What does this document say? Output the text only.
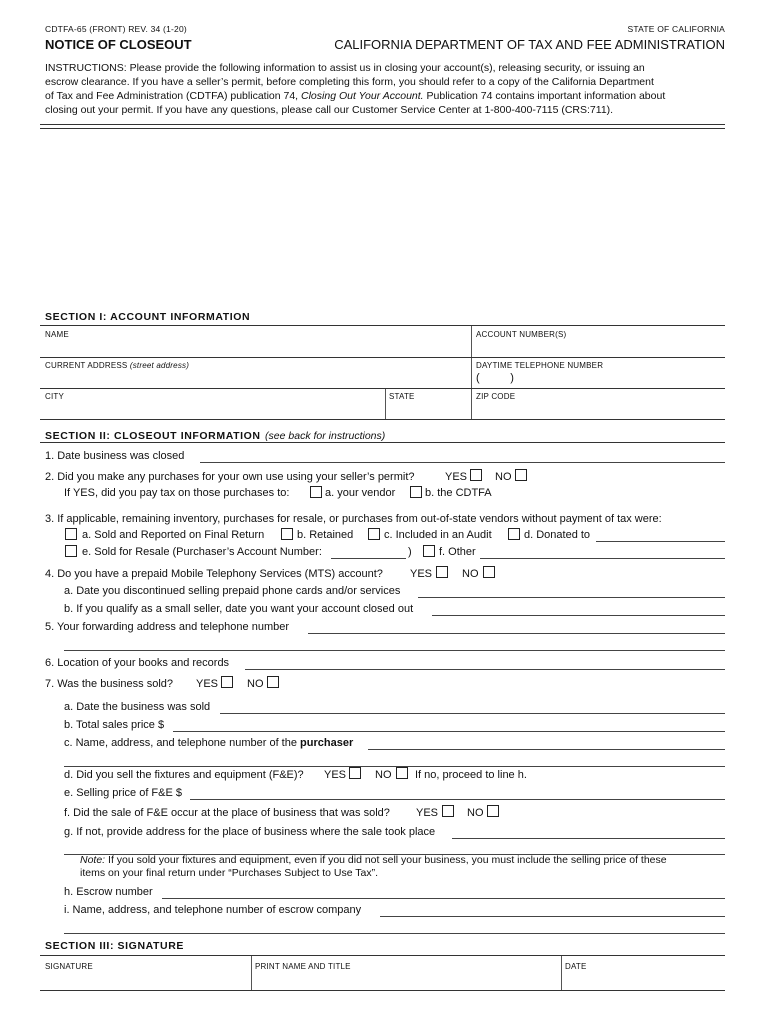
CDTFA-65 (FRONT) REV. 34 (1-20)	STATE OF CALIFORNIA
NOTICE OF CLOSEOUT	CALIFORNIA DEPARTMENT OF TAX AND FEE ADMINISTRATION
INSTRUCTIONS: Please provide the following information to assist us in closing your account(s), releasing security, or issuing an
escrow clearance. If you have a seller’s permit, before completing this form, you should refer to a copy of the California Department
of Tax and Fee Administration (CDTFA) publication 74, Closing Out Your Account. Publication 74 contains important information about
closing out your permit. If you have any questions, please call our Customer Service Center at 1-800-400-7115 (CRS:711).
SECTION I: ACCOUNT INFORMATION
NAME	ACCOUNT NUMBER(S)
CURRENT ADDRESS (street address)	DAYTIME TELEPHONE NUMBER
(          )
CITY	STATE	ZIP CODE
SECTION II: CLOSEOUT INFORMATION (see back for instructions)
1. Date business was closed
2. Did you make any purchases for your own use using your seller’s permit?	YES	NO
If YES, did you pay tax on those purchases to:	a. your vendor	b. the CDTFA
3. If applicable, remaining inventory, purchases for resale, or purchases from out-of-state vendors without payment of tax were:
a. Sold and Reported on Final Return	b. Retained	c. Included in an Audit	d. Donated to
e. Sold for Resale (Purchaser’s Account Number:	) f. Other
4. Do you have a prepaid Mobile Telephony Services (MTS) account? YES	NO
a. Date you discontinued selling prepaid phone cards and/or services
b. If you qualify as a small seller, date you want your account closed out
5. Your forwarding address and telephone number
6. Location of your books and records
7. Was the business sold? YES	NO
a. Date the business was sold
b. Total sales price $
c. Name, address, and telephone number of the purchaser
d. Did you sell the fixtures and equipment (F&E)? YES	NO If no, proceed to line h.
e. Selling price of F&E $
f. Did the sale of F&E occur at the place of business that was sold? YES	NO
g. If not, provide address for the place of business where the sale took place
Note: If you sold your fixtures and equipment, even if you did not sell your business, you must include the selling price of these
items on your final return under “Purchases Subject to Use Tax”.
h. Escrow number
i. Name, address, and telephone number of escrow company
SECTION III: SIGNATURE
SIGNATURE	PRINT NAME AND TITLE	DATE
